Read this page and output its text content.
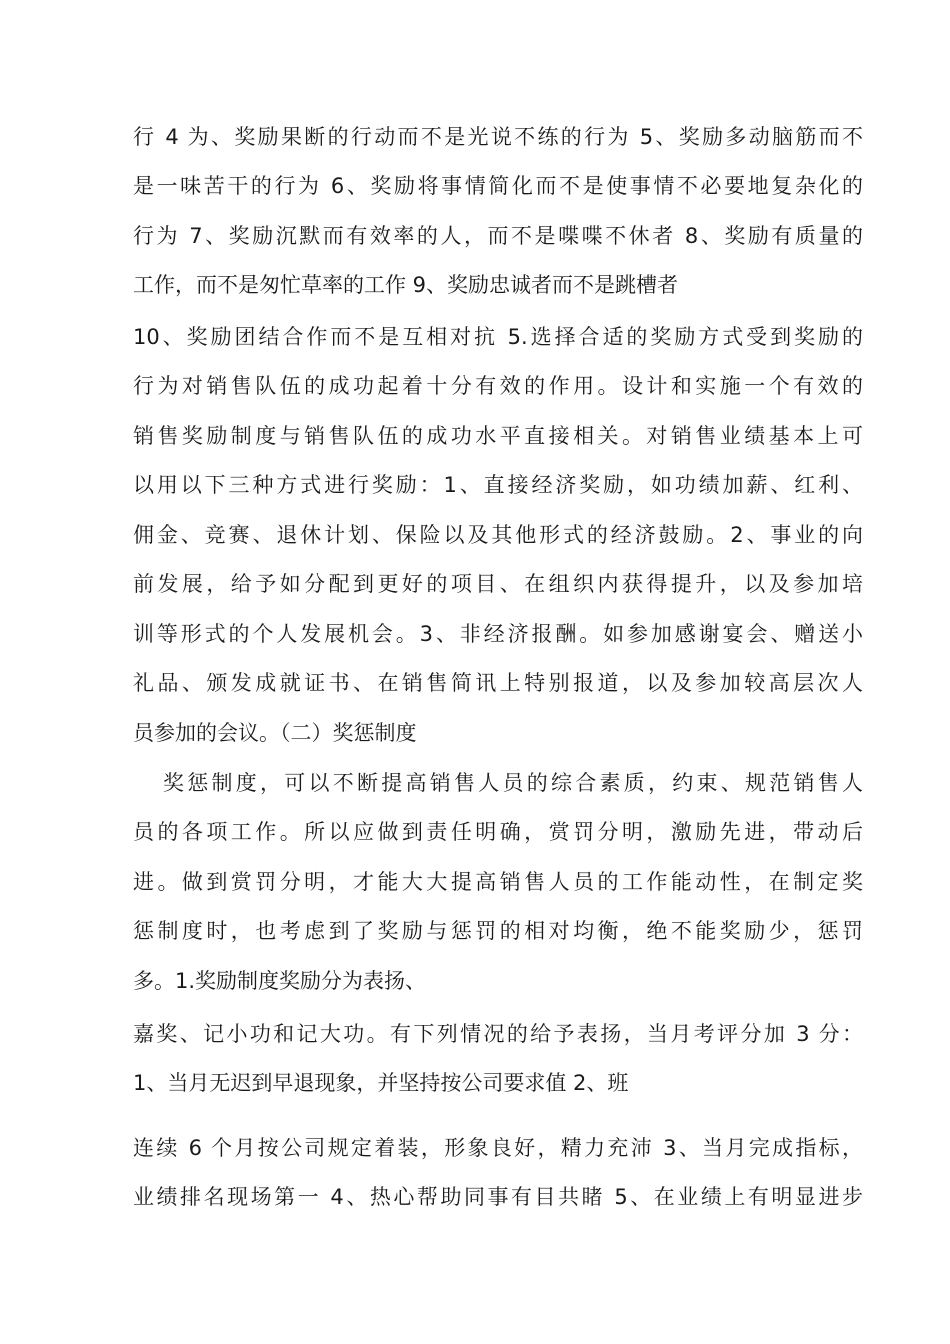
行 4 为、奖励果断的行动而不是光说不练的行为 5、奖励多动脑筋而不
是一味苦干的行为 6、奖励将事情简化而不是使事情不必要地复杂化的
行为 7、奖励沉默而有效率的人，而不是喋喋不休者 8、奖励有质量的
工作，而不是匆忙草率的工作 9、奖励忠诚者而不是跳槽者
10、奖励团结合作而不是互相对抗 5.选择合适的奖励方式受到奖励的
行为对销售队伍的成功起着十分有效的作用。设计和实施一个有效的
销售奖励制度与销售队伍的成功水平直接相关。对销售业绩基本上可
以用以下三种方式进行奖励：1、直接经济奖励，如功绩加薪、红利、
佣金、竞赛、退休计划、保险以及其他形式的经济鼓励。2、事业的向
前发展，给予如分配到更好的项目、在组织内获得提升，以及参加培
训等形式的个人发展机会。3、非经济报酬。如参加感谢宴会、赠送小
礼品、颁发成就证书、在销售简讯上特别报道，以及参加较高层次人
员参加的会议。（二）奖惩制度
奖惩制度，可以不断提高销售人员的综合素质，约束、规范销售人
员的各项工作。所以应做到责任明确，赏罚分明，激励先进，带动后
进。做到赏罚分明，才能大大提高销售人员的工作能动性，在制定奖
惩制度时，也考虑到了奖励与惩罚的相对均衡，绝不能奖励少，惩罚
多。1.奖励制度奖励分为表扬、
嘉奖、记小功和记大功。有下列情况的给予表扬，当月考评分加 3 分：
1、当月无迟到早退现象，并坚持按公司要求值 2、班
连续 6 个月按公司规定着装，形象良好，精力充沛 3、当月完成指标，
业绩排名现场第一 4、热心帮助同事有目共睹 5、在业绩上有明显进步
